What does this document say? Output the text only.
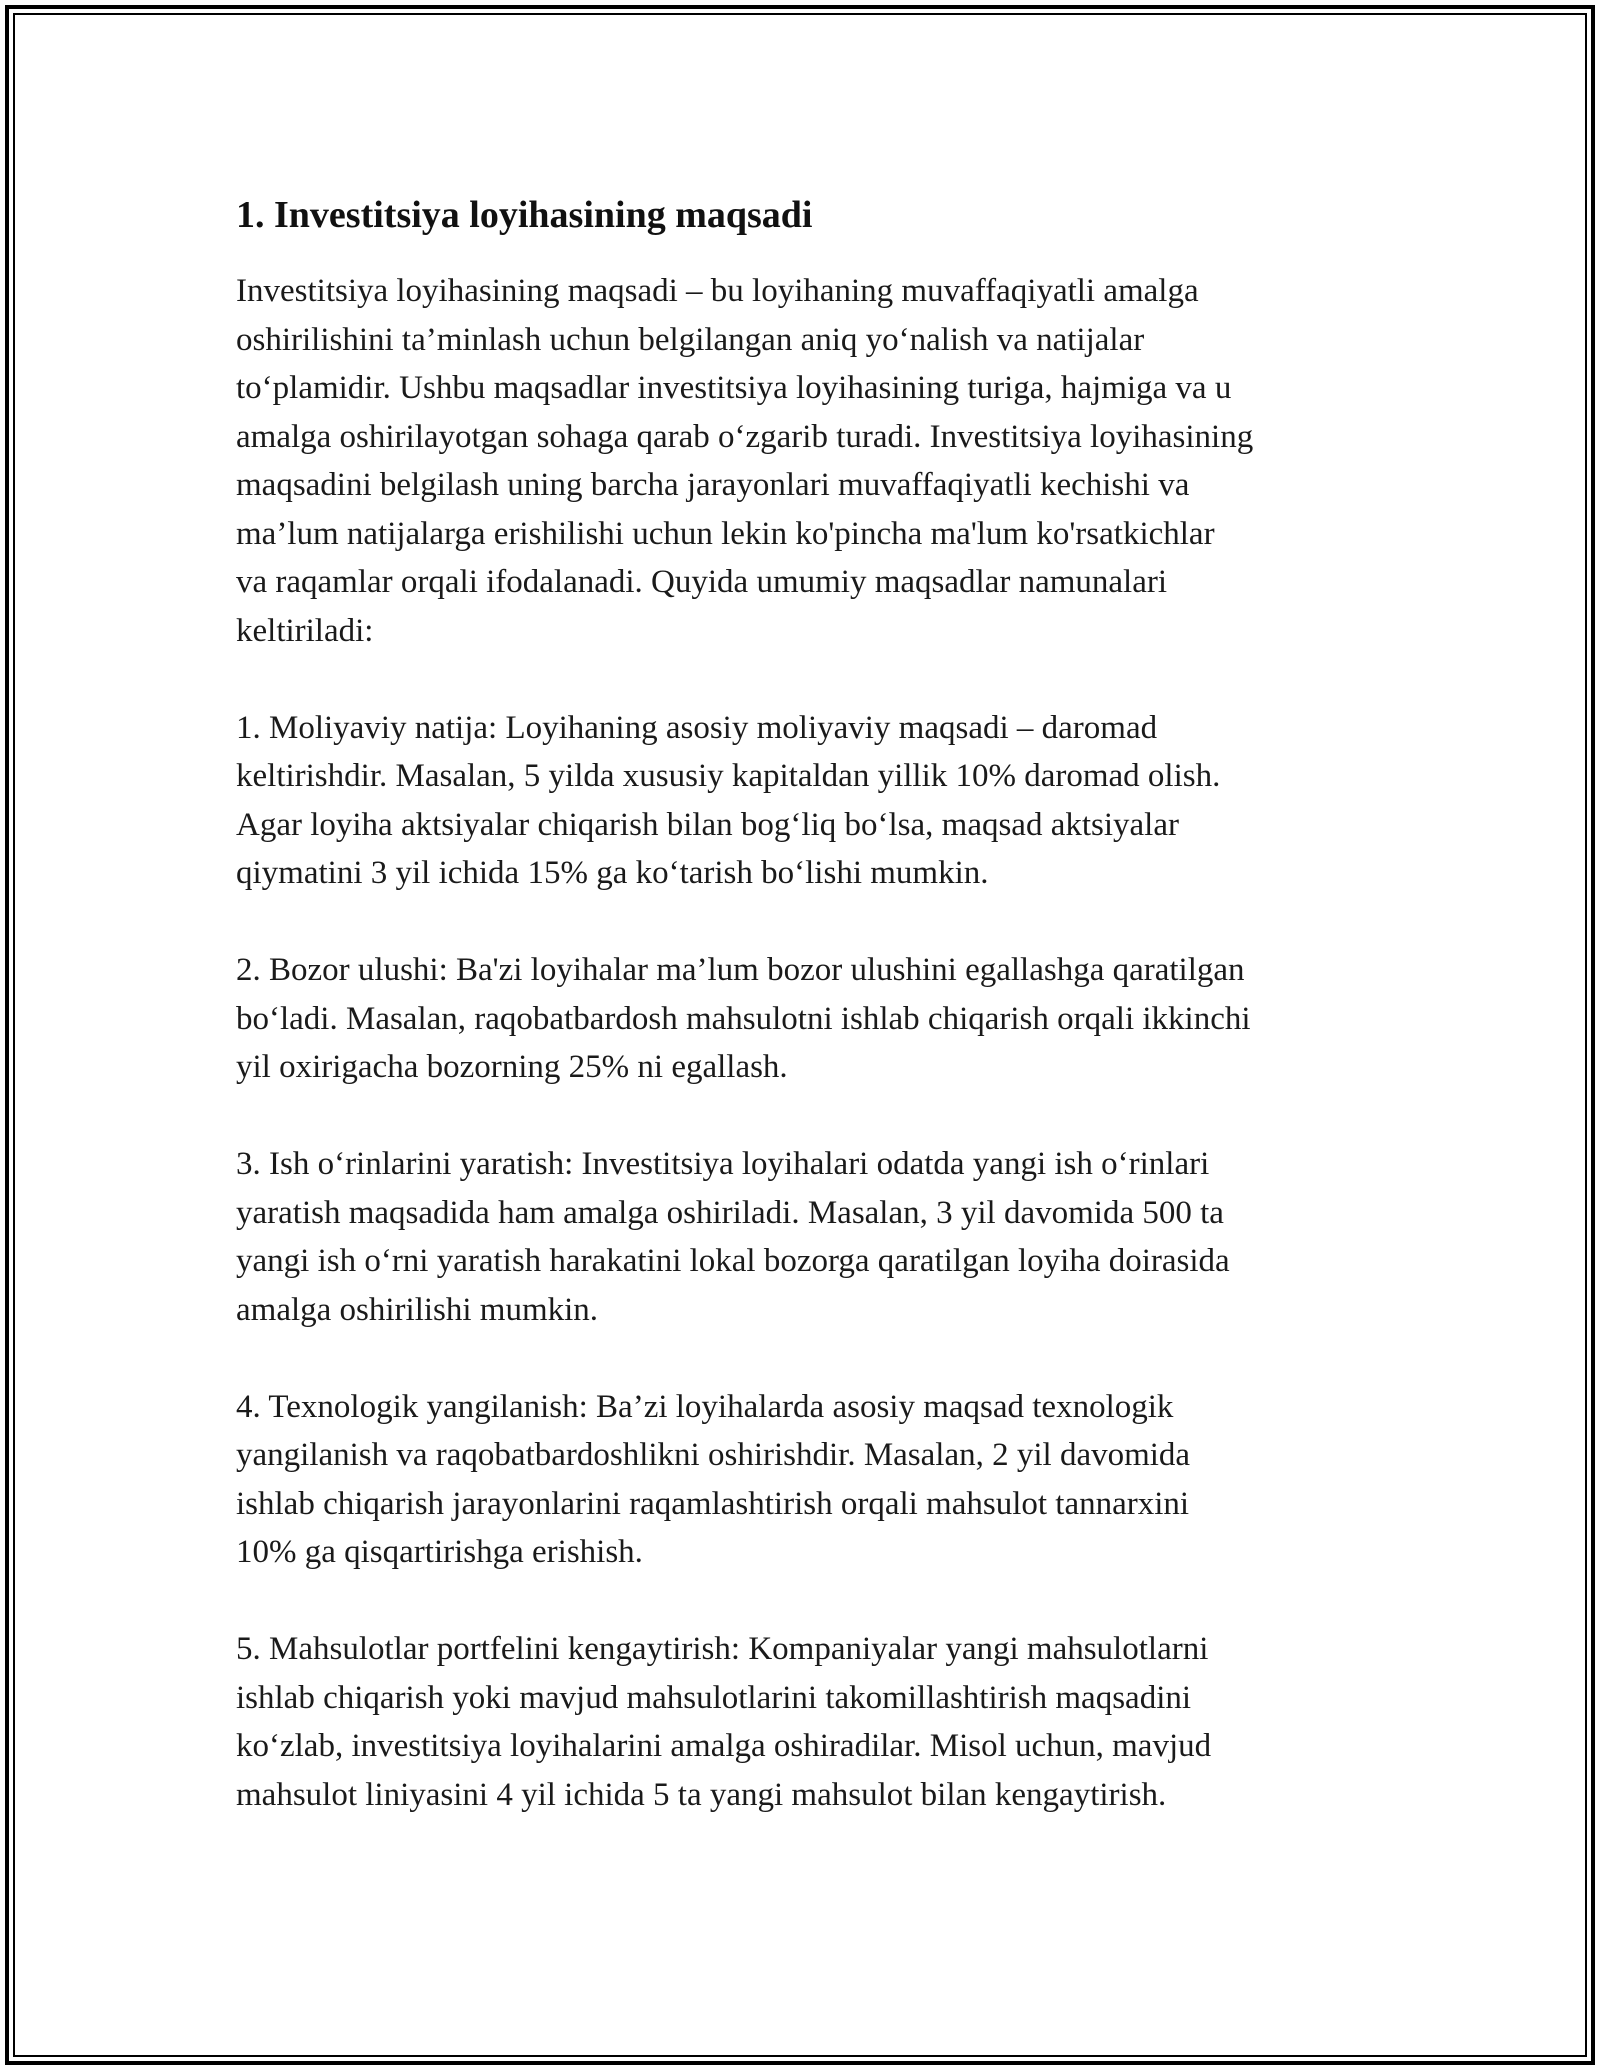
1. Investitsiya loyihasining maqsadi

Investitsiya loyihasining maqsadi – bu loyihaning muvaffaqiyatli amalga
oshirilishini ta’minlash uchun belgilangan aniq yo‘nalish va natijalar
to‘plamidir. Ushbu maqsadlar investitsiya loyihasining turiga, hajmiga va u
amalga oshirilayotgan sohaga qarab o‘zgarib turadi. Investitsiya loyihasining
maqsadini belgilash uning barcha jarayonlari muvaffaqiyatli kechishi va
ma’lum natijalarga erishilishi uchun lekin ko'pincha ma'lum ko'rsatkichlar
va raqamlar orqali ifodalanadi. Quyida umumiy maqsadlar namunalari
keltiriladi:

1. Moliyaviy natija: Loyihaning asosiy moliyaviy maqsadi – daromad
keltirishdir. Masalan, 5 yilda xususiy kapitaldan yillik 10% daromad olish.
Agar loyiha aktsiyalar chiqarish bilan bog‘liq bo‘lsa, maqsad aktsiyalar
qiymatini 3 yil ichida 15% ga ko‘tarish bo‘lishi mumkin.

2. Bozor ulushi: Ba'zi loyihalar ma’lum bozor ulushini egallashga qaratilgan
bo‘ladi. Masalan, raqobatbardosh mahsulotni ishlab chiqarish orqali ikkinchi
yil oxirigacha bozorning 25% ni egallash.

3. Ish o‘rinlarini yaratish: Investitsiya loyihalari odatda yangi ish o‘rinlari
yaratish maqsadida ham amalga oshiriladi. Masalan, 3 yil davomida 500 ta
yangi ish o‘rni yaratish harakatini lokal bozorga qaratilgan loyiha doirasida
amalga oshirilishi mumkin.

4. Texnologik yangilanish: Ba’zi loyihalarda asosiy maqsad texnologik
yangilanish va raqobatbardoshlikni oshirishdir. Masalan, 2 yil davomida
ishlab chiqarish jarayonlarini raqamlashtirish orqali mahsulot tannarxini
10% ga qisqartirishga erishish.

5. Mahsulotlar portfelini kengaytirish: Kompaniyalar yangi mahsulotlarni
ishlab chiqarish yoki mavjud mahsulotlarini takomillashtirish maqsadini
ko‘zlab, investitsiya loyihalarini amalga oshiradilar. Misol uchun, mavjud
mahsulot liniyasini 4 yil ichida 5 ta yangi mahsulot bilan kengaytirish.
